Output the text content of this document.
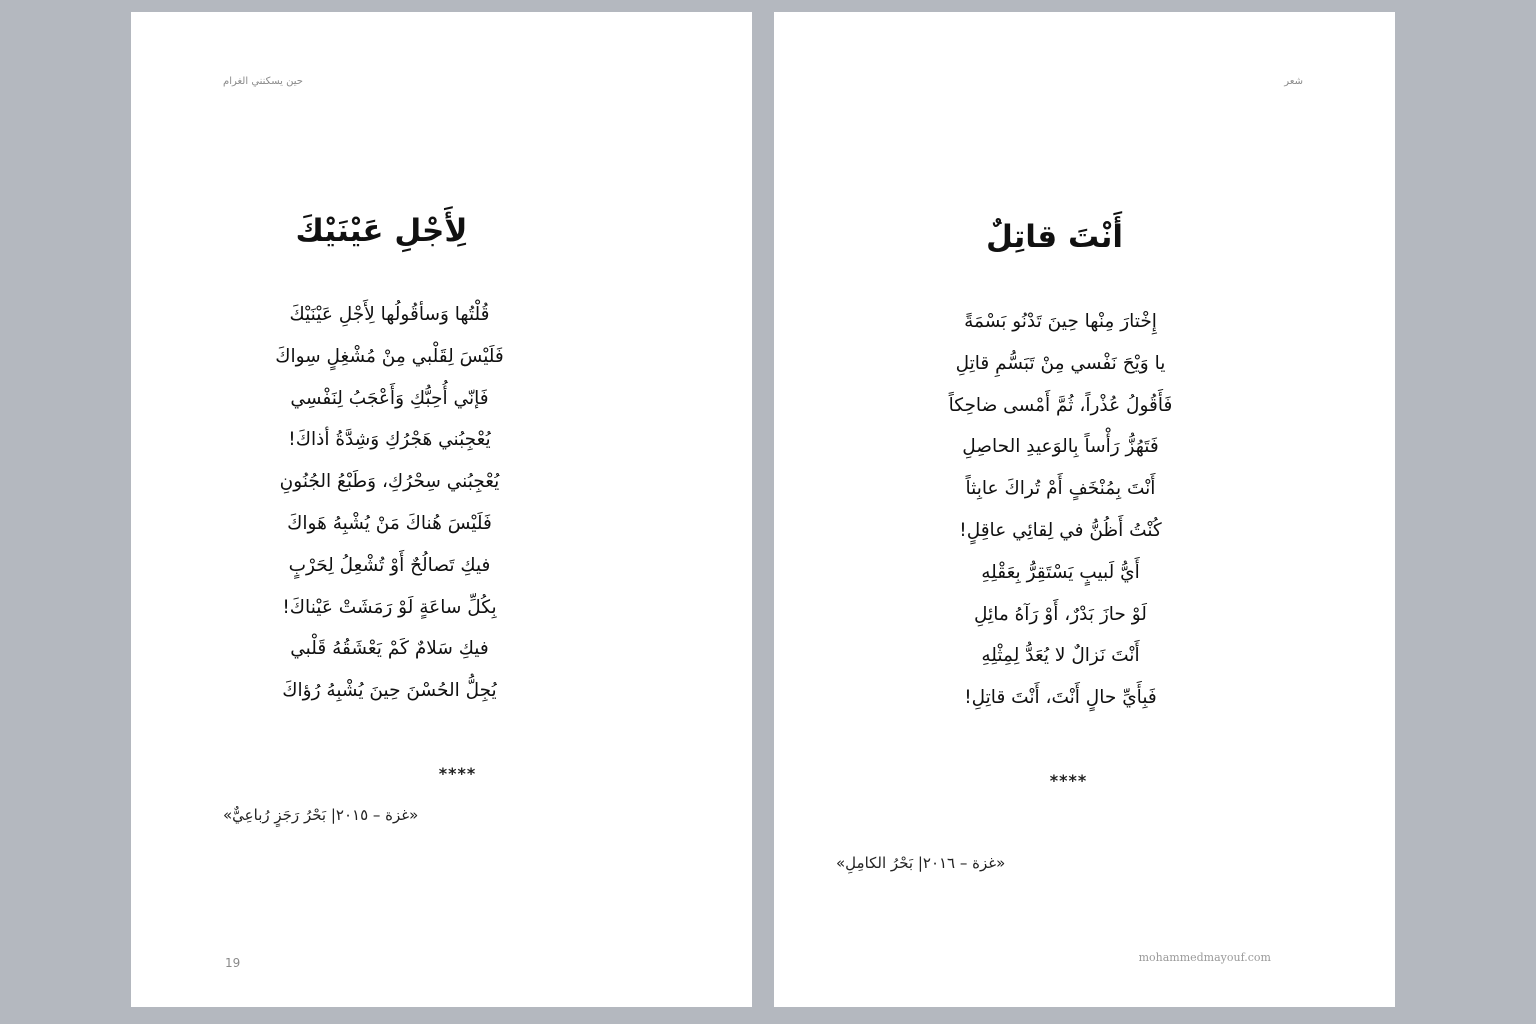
حين يسكنني الغرام
لِأَجْلِ عَيْنَيْكَ
قُلْتُها وَسأقُولُها لِأَجْلِ عَيْنَيْكَ
فَلَيْسَ لِقَلْبي مِنْ مُشْغِلٍ سِواكَ
فَإنّي أُحِبُّكِ وَأَعْجَبُ لِنَفْسِي
يُعْجِبُني هَجْرُكِ وَشِدَّةُ أذاكَ!
يُعْجِبُني سِحْرُكِ، وَطَبْعُ الجُنُونِ
فَلَيْسَ هُناكَ مَنْ يُشْبِهُ هَواكَ
فيكِ تَصالُحٌ أَوْ تُشْعِلُ لِحَرْبٍ
بِكُلِّ ساعَةٍ لَوْ رَمَشَتْ عَيْناكَ!
فيكِ سَلامٌ كَمْ يَعْشَقُهُ قَلْبي
يُجِلُّ الحُسْنَ حِينَ يُشْبِهُ رُؤاكَ
****
«غزة – ٢٠١٥| بَحْرُ رَجَزٍ رُباعِيٌّ»
19
شعر
أَنْتَ قاتِلٌ
إِخْتارَ مِنْها حِينَ تَدْنُو بَسْمَةً
يا وَيْحَ نَفْسي مِنْ تَبَسُّمِ قاتِلِ
فَأَقُولُ عُذْراً، ثُمَّ أَمْسى ضاحِكاً
فَتَهُزُّ رَأْساً بِالوَعيدِ الحاصِلِ
أَنْتَ بِمُنْخَفٍ أَمْ تُراكَ عابِثاً
كُنْتُ أَظُنُّ في لِقائِي عاقِلٍ!
أَيُّ لَبيبٍ يَسْتَقِرُّ بِعَقْلِهِ
لَوْ حازَ بَدْرٌ، أَوْ رَآهُ مائِلِ
أَنْتَ نَزالٌ لا يُعَدُّ لِمِثْلِهِ
فَبِأَيِّ حالٍ أَنْتَ، أَنْتَ قاتِلِ!
****
«غزة – ٢٠١٦| بَحْرُ الكامِلِ»
mohammedmayouf.com
